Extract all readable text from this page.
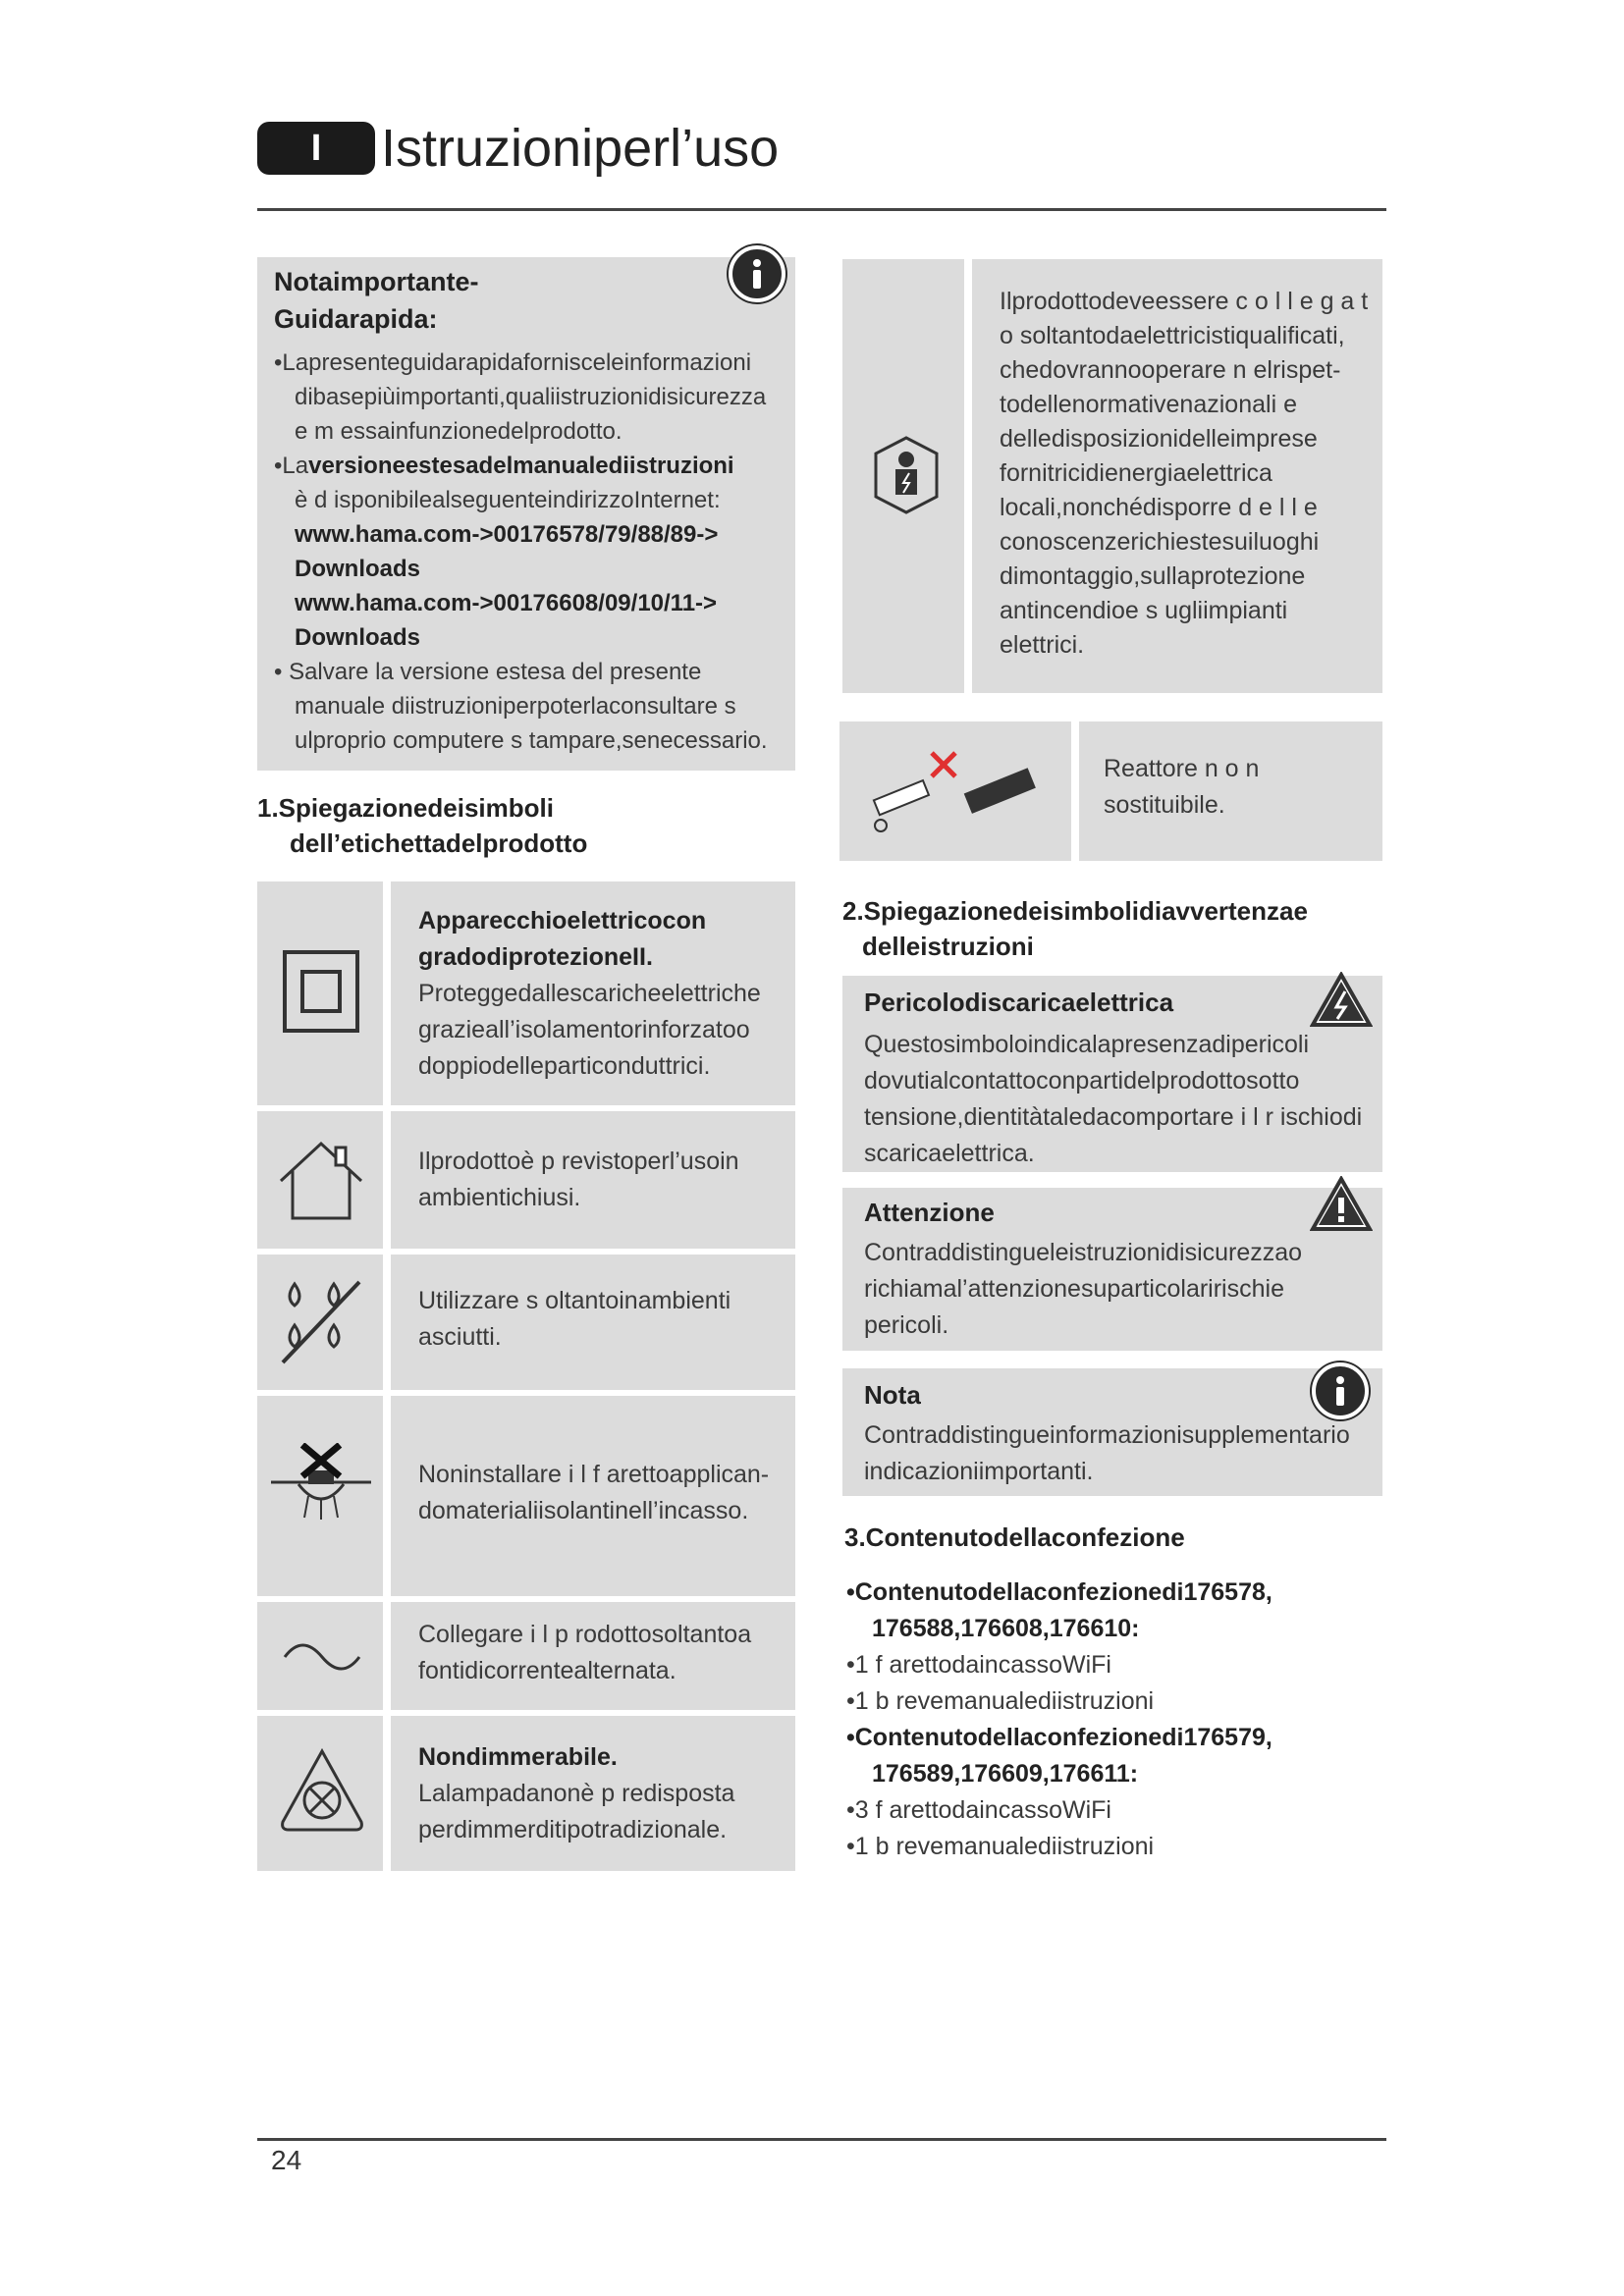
I	Istruzioniperl’uso
Notaimportante-
Guidarapida:

•Lapresenteguidarapidafornisceleinformazioni dibasepiùimportanti,qualiistruzionidisicurezza e m essainfunzionedelprodotto.

•Laversioneestesadelmanualediistruzioni

è d isponibilealseguenteindirizzoInternet:

www.hama.com->00176578/79/88/89-> Downloads

www.hama.com->00176608/09/10/11-> Downloads

• Salvare la versione estesa del presente manuale diistruzioniperpoterlaconsultare s ulproprio computere s tampare,senecessario.

1.Spiegazionedeisimboli
dell’etichettadelprodotto
Apparecchioelettricocon gradodiprotezioneII.
Proteggedallescaricheelettriche grazieall’isolamentorinforzatoo doppiodelleparticonduttrici.
Ilprodottoè p revistoperl’usoin ambientichiusi.
Utilizzare s oltantoinambienti asciutti.
Noninstallare i l f arettoapplican- domaterialiisolantinell’incasso.
Collegare i l p rodottosoltantoa fontidicorrentealternata.
Nondimmerabile.
Lalampadanonè p redisposta perdimmerditipotradizionale.
Ilprodottodeveessere c o l l e g a t o soltantodaelettricistiqualificati, chedovrannooperare n elrispet- todellenormativenazionali e delledisposizionidelleimprese fornitricidienergiaelettrica locali,nonchédisporre d e l l e conoscenzerichiestesuiluoghi dimontaggio,sullaprotezione antincendioe s ugliimpianti elettrici.
Reattore n o n sostituibile.
2.Spiegazionedeisimbolidiavvertenzae
delleistruzioni
Pericolodiscaricaelettrica
Questosimboloindicalapresenzadipericoli dovutialcontattoconpartidelprodottosotto tensione,dientitàtaledacomportare i l r ischiodi scaricaelettrica.
Attenzione
Contraddistingueleistruzionidisicurezzao richiamal’attenzionesuparticolaririschie pericoli.
Nota
Contraddistingueinformazionisupplementario indicazioniimportanti.
3.Contenutodellaconfezione

•Contenutodellaconfezionedi176578,

176588,176608,176610:

•1 f arettodaincassoWiFi

•1 b revemanualediistruzioni

•Contenutodellaconfezionedi176579,

176589,176609,176611:

•3 f arettodaincassoWiFi

•1 b revemanualediistruzioni

24
